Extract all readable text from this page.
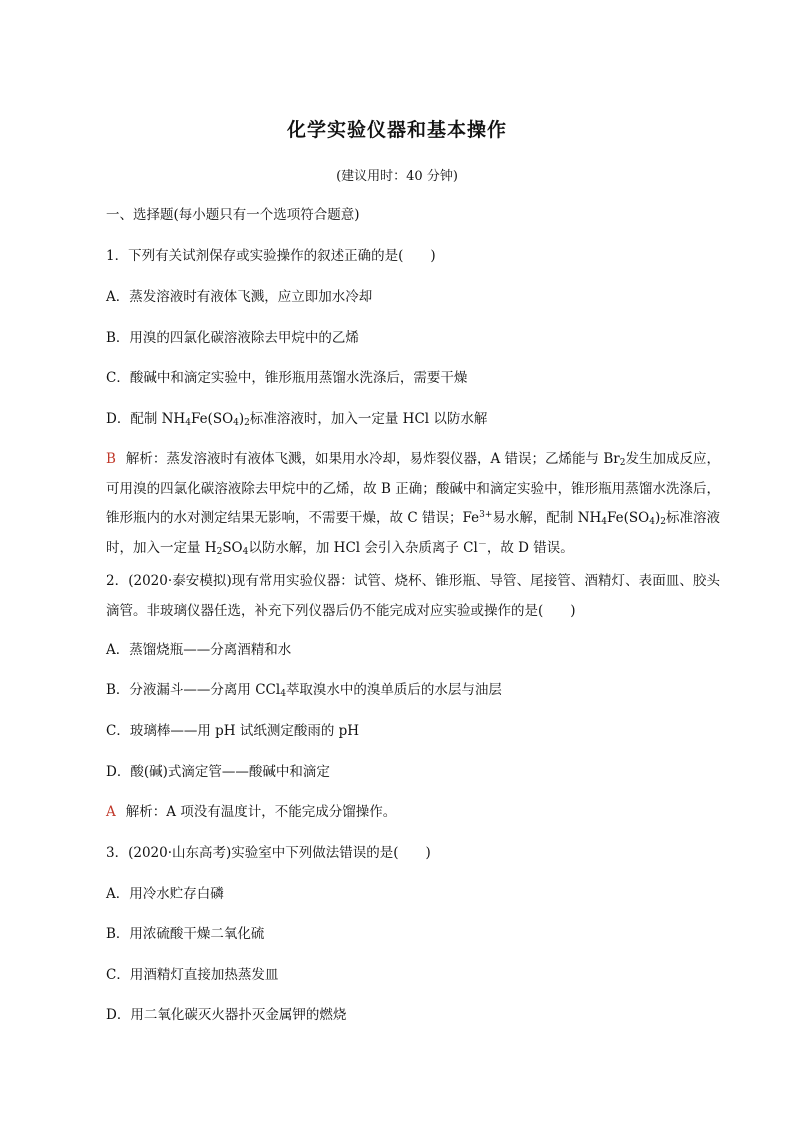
化学实验仪器和基本操作
(建议用时：40 分钟)
一、选择题(每小题只有一个选项符合题意)
1．下列有关试剂保存或实验操作的叙述正确的是(　　)
A．蒸发溶液时有液体飞溅，应立即加水冷却
B．用溴的四氯化碳溶液除去甲烷中的乙烯
C．酸碱中和滴定实验中，锥形瓶用蒸馏水洗涤后，需要干燥
D．配制 $NH_4Fe(SO_4)_2$标准溶液时，加入一定量 HCl 以防水解
B 解析：蒸发溶液时有液体飞溅，如果用水冷却，易炸裂仪器，A 错误；乙烯能与 $Br_2$发生加成反应，可用溴的四氯化碳溶液除去甲烷中的乙烯，故 B 正确；酸碱中和滴定实验中，锥形瓶用蒸馏水洗涤后，锥形瓶内的水对测定结果无影响，不需要干燥，故 C 错误；$Fe^{3+}$易水解，配制 $NH_4Fe(SO_4)_2$标准溶液时，加入一定量 $H_2SO_4$以防水解，加 HCl 会引入杂质离子 Cl－，故 D 错误。
2．(2020·泰安模拟)现有常用实验仪器：试管、烧杯、锥形瓶、导管、尾接管、酒精灯、表面皿、胶头滴管。非玻璃仪器任选，补充下列仪器后仍不能完成对应实验或操作的是(　　)
A．蒸馏烧瓶——分离酒精和水
B．分液漏斗——分离用 CCl$_4$萃取溴水中的溴单质后的水层与油层
C．玻璃棒——用 pH 试纸测定酸雨的 pH
D．酸(碱)式滴定管——酸碱中和滴定
A 解析：A 项没有温度计，不能完成分馏操作。
3．(2020·山东高考)实验室中下列做法错误的是(　　)
A．用冷水贮存白磷
B．用浓硫酸干燥二氧化硫
C．用酒精灯直接加热蒸发皿
D．用二氧化碳灭火器扑灭金属钾的燃烧
